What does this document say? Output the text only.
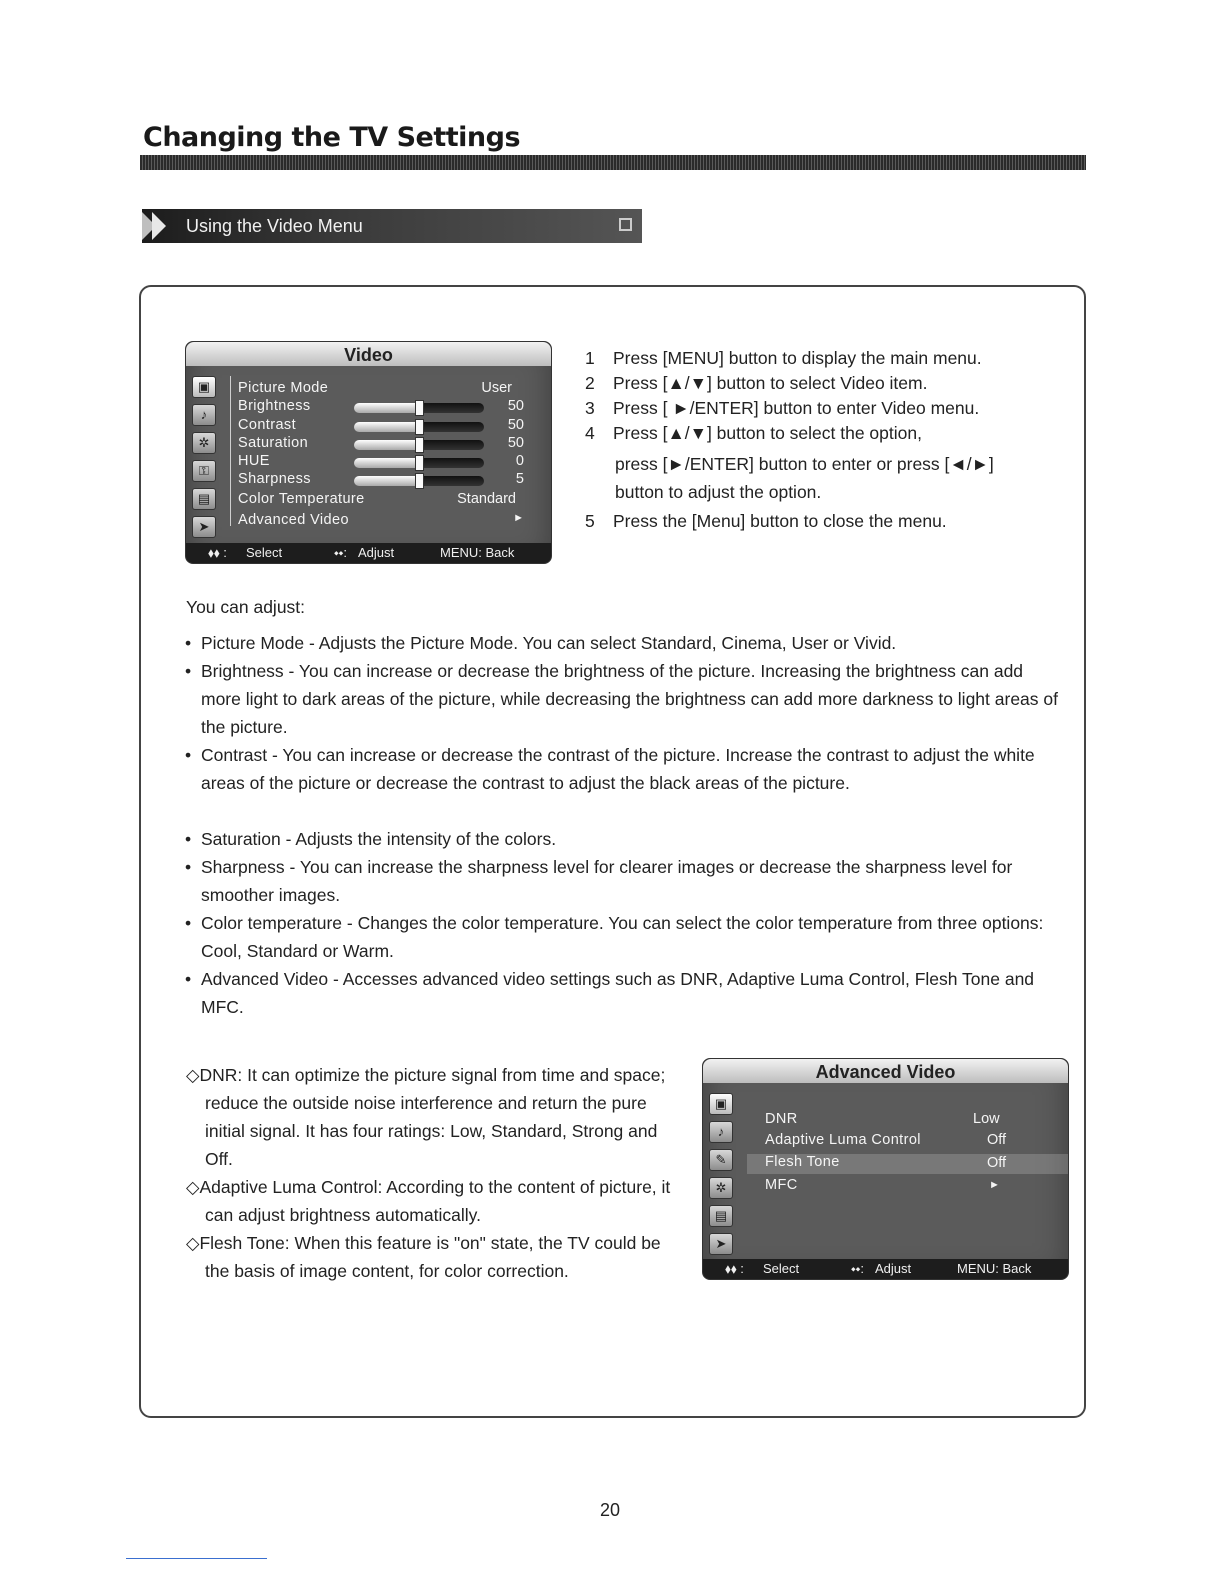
Changing the TV Settings
Using the Video Menu
Video
▣
♪
✲
⚿
▤
➤
Picture Mode	User
Brightness	50
Contrast	50
Saturation	50
HUE	0
Sharpness	5
Color Temperature	Standard
Advanced Video	►
⬧⬧ : Select	⬩⬩: Adjust	MENU: Back
1 Press [MENU] button to display the main menu.
2 Press [▲/▼] button to select Video item.
3 Press [ ►/ENTER] button to enter Video menu.
4 Press [▲/▼] button to select the option,
press [►/ENTER] button to enter or press [◄/►]
button to adjust the option.
5 Press the [Menu] button to close the menu.
You can adjust:
• Picture Mode - Adjusts the Picture Mode. You can select Standard, Cinema, User or Vivid.
• Brightness - You can increase or decrease the brightness of the picture. Increasing the brightness can add more light to dark areas of the picture, while decreasing the brightness can add more darkness to light areas of the picture.
• Contrast - You can increase or decrease the contrast of the picture. Increase the contrast to adjust the white areas of the picture or decrease the contrast to adjust the black areas of the picture.
• Saturation - Adjusts the intensity of the colors.
• Sharpness - You can increase the sharpness level for clearer images or decrease the sharpness level for smoother images.
• Color temperature - Changes the color temperature. You can select the color temperature from three options: Cool, Standard or Warm.
• Advanced Video - Accesses advanced video settings such as DNR, Adaptive Luma Control, Flesh Tone and MFC.
◇DNR: It can optimize the picture signal from time and space; reduce the outside noise interference and return the pure initial signal. It has four ratings: Low, Standard, Strong and Off.
◇Adaptive Luma Control: According to the content of picture, it can adjust brightness automatically.
◇Flesh Tone: When this feature is "on" state, the TV could be the basis of image content, for color correction.
Advanced Video
▣
♪
✎
✲
▤
➤
DNR	Low
Adaptive Luma Control	Off
Flesh Tone	Off
MFC	►
⬧⬧ : Select	⬩⬩: Adjust	MENU: Back
20
